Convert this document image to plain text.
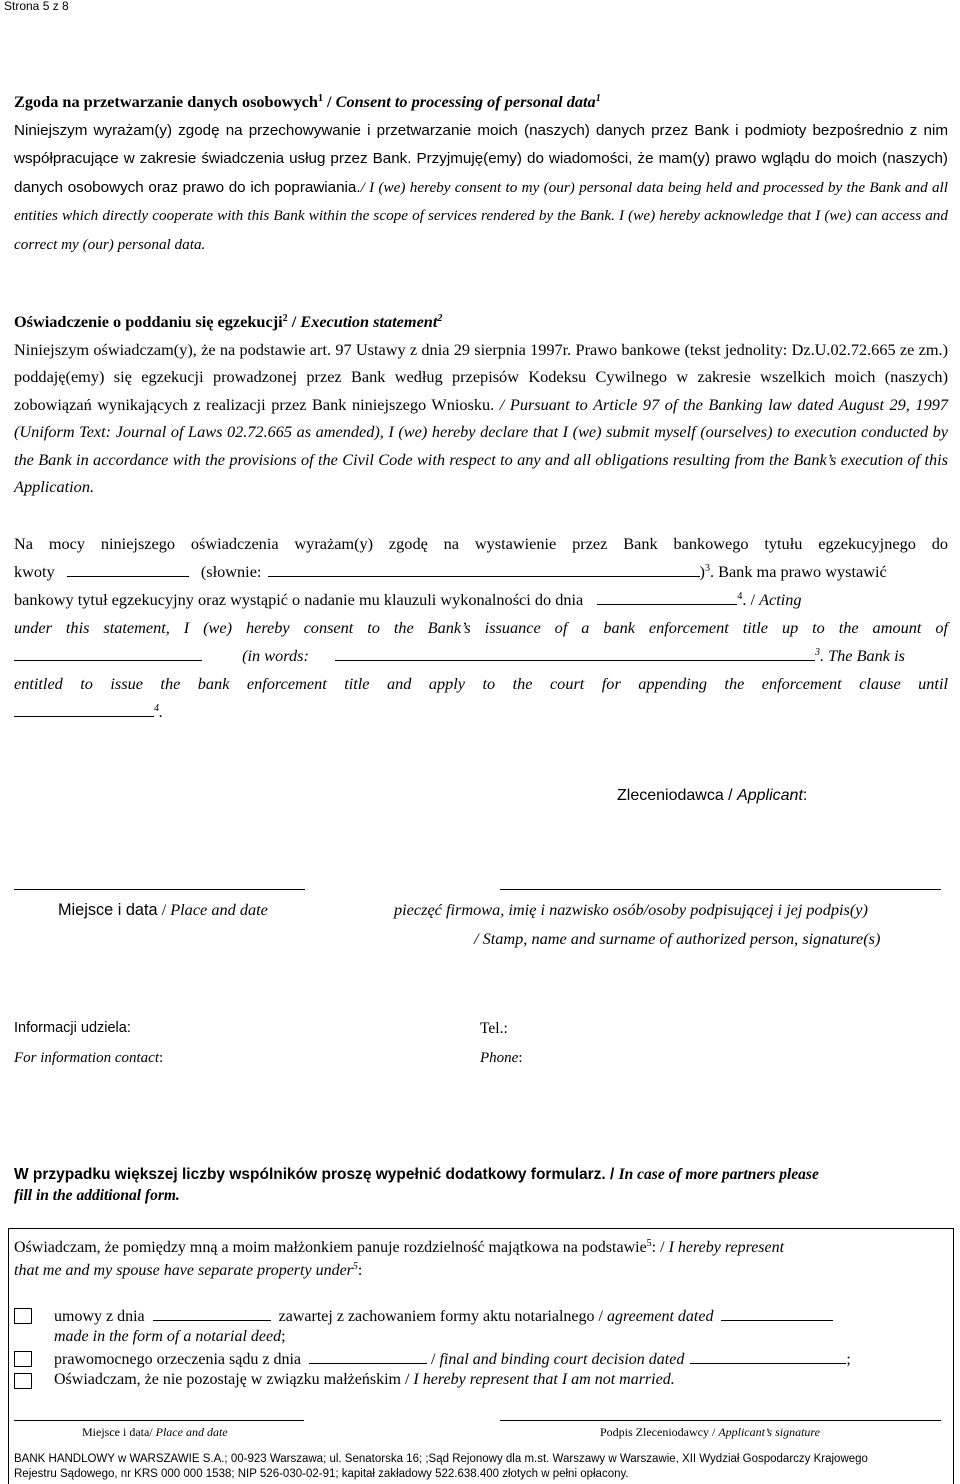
Strona 5 z 8

Zgoda na przetwarzanie danych osobowych$^1$ / Consent to processing of personal data$^1$

Niniejszym wyrażam(y) zgodę na przechowywanie i przetwarzanie moich (naszych) danych przez Bank i podmioty bezpośrednio z nim współpracujące w zakresie świadczenia usług przez Bank. Przyjmuję(emy) do wiadomości, że mam(y) prawo wglądu do moich (naszych) danych osobowych oraz prawo do ich poprawiania./ I (we) hereby consent to my (our) personal data being held and processed by the Bank and all entities which directly cooperate with this Bank within the scope of services rendered by the Bank. I (we) hereby acknowledge that I (we) can access and correct my (our) personal data.

Oświadczenie o poddaniu się egzekucji$^2$ / Execution statement$^2$

Niniejszym oświadczam(y), że na podstawie art. 97 Ustawy z dnia 29 sierpnia 1997r. Prawo bankowe (tekst jednolity: Dz.U.02.72.665 ze zm.) poddaję(emy) się egzekucji prowadzonej przez Bank według przepisów Kodeksu Cywilnego w zakresie wszelkich moich (naszych) zobowiązań wynikających z realizacji przez Bank niniejszego Wniosku. / Pursuant to Article 97 of the Banking law dated August 29, 1997 (Uniform Text: Journal of Laws 02.72.665 as amended), I (we) hereby declare that I (we) submit myself (ourselves) to execution conducted by the Bank in accordance with the provisions of the Civil Code with respect to any and all obligations resulting from the Bank’s execution of this Application.

Na mocy niniejszego oświadczenia wyrażam(y) zgodę na wystawienie przez Bank bankowego tytułu egzekucyjnego do
kwoty	(słownie:	)$^3$. Bank ma prawo wystawić
bankowy tytuł egzekucyjny oraz wystąpić o nadanie mu klauzuli wykonalności do dnia	$^4$. / Acting
under this statement, I (we) hereby consent to the Bank’s issuance of a bank enforcement title up to the amount of
(in words:	$^3$. The Bank is
entitled to issue the bank enforcement title and apply to the court for appending the enforcement clause until
$^4$.
Zleceniodawca / Applicant:
Miejsce i data / Place and date	pieczęć firmowa, imię i nazwisko osób/osoby podpisującej i jej podpis(y)
/ Stamp, name and surname of authorized person, signature(s)
Informacji udziela:
For information contact:
Tel.:
Phone:
W przypadku większej liczby wspólników proszę wypełnić dodatkowy formularz. / In case of more partners please
fill in the additional form.
Oświadczam, że pomiędzy mną a moim małżonkiem panuje rozdzielność majątkowa na podstawie$^5$: / I hereby represent
that me and my spouse have separate property under$^5$:
umowy z dnia	zawartej z zachowaniem formy aktu notarialnego / agreement dated
made in the form of a notarial deed;
prawomocnego orzeczenia sądu z dnia	/ final and binding court decision dated	;
Oświadczam, że nie pozostaję w związku małżeńskim / I hereby represent that I am not married.
Miejsce i data/ Place and date	Podpis Zleceniodawcy / Applicant’s signature
BANK HANDLOWY w WARSZAWIE S.A.; 00-923 Warszawa; ul. Senatorska 16; ;Sąd Rejonowy dla m.st. Warszawy w Warszawie, XII Wydział Gospodarczy Krajowego
Rejestru Sądowego, nr KRS 000 000 1538; NIP 526-030-02-91; kapitał zakładowy 522.638.400 złotych w pełni opłacony.
